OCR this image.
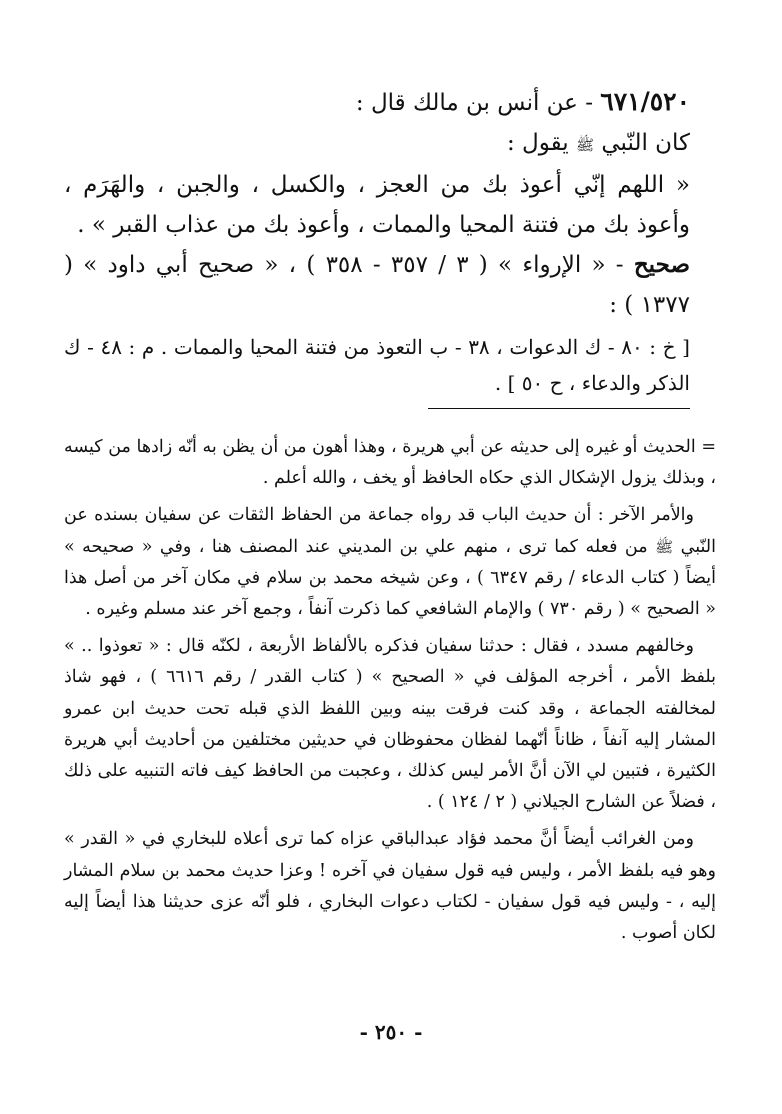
٦٧١/٥٢٠ - عن أنس بن مالك قال :

كان النّبي ﷺ يقول :

« اللهم إنّي أعوذ بك من العجز ، والكسل ، والجبن ، والهَرَم ، وأعوذ بك من فتنة المحيا والممات ، وأعوذ بك من عذاب القبر » .

صحيح - « الإرواء » ( ٣ / ٣٥٧ - ٣٥٨ ) ، « صحيح أبي داود » ( ١٣٧٧ ) :

[ خ : ٨٠ - ك الدعوات ، ٣٨ - ب التعوذ من فتنة المحيا والممات . م : ٤٨ - ك الذكر والدعاء ، ح ٥٠ ] .

= الحديث أو غيره إلى حديثه عن أبي هريرة ، وهذا أهون من أن يظن به أنّه زادها من كيسه ، وبذلك يزول الإشكال الذي حكاه الحافظ أو يخف ، والله أعلم .

والأمر الآخر : أن حديث الباب قد رواه جماعة من الحفاظ الثقات عن سفيان بسنده عن النّبي ﷺ من فعله كما ترى ، منهم علي بن المديني عند المصنف هنا ، وفي « صحيحه » أيضاً ( كتاب الدعاء / رقم ٦٣٤٧ ) ، وعن شيخه محمد بن سلام في مكان آخر من أصل هذا « الصحيح » ( رقم ٧٣٠ ) والإمام الشافعي كما ذكرت آنفاً ، وجمع آخر عند مسلم وغيره .

وخالفهم مسدد ، فقال : حدثنا سفيان فذكره بالألفاظ الأربعة ، لكنّه قال : « تعوذوا .. » بلفظ الأمر ، أخرجه المؤلف في « الصحيح » ( كتاب القدر / رقم ٦٦١٦ ) ، فهو شاذ لمخالفته الجماعة ، وقد كنت فرقت بينه وبين اللفظ الذي قبله تحت حديث ابن عمرو المشار إليه آنفاً ، ظاناً أنّهما لفظان محفوظان في حديثين مختلفين من أحاديث أبي هريرة الكثيرة ، فتبين لي الآن أنَّ الأمر ليس كذلك ، وعجبت من الحافظ كيف فاته التنبيه على ذلك ، فضلاً عن الشارح الجيلاني ( ٢ / ١٢٤ ) .

ومن الغرائب أيضاً أنَّ محمد فؤاد عبدالباقي عزاه كما ترى أعلاه للبخاري في « القدر » وهو فيه بلفظ الأمر ، وليس فيه قول سفيان في آخره ! وعزا حديث محمد بن سلام المشار إليه ، - وليس فيه قول سفيان - لكتاب دعوات البخاري ، فلو أنّه عزى حديثنا هذا أيضاً إليه لكان أصوب .

- ٢٥٠ -
